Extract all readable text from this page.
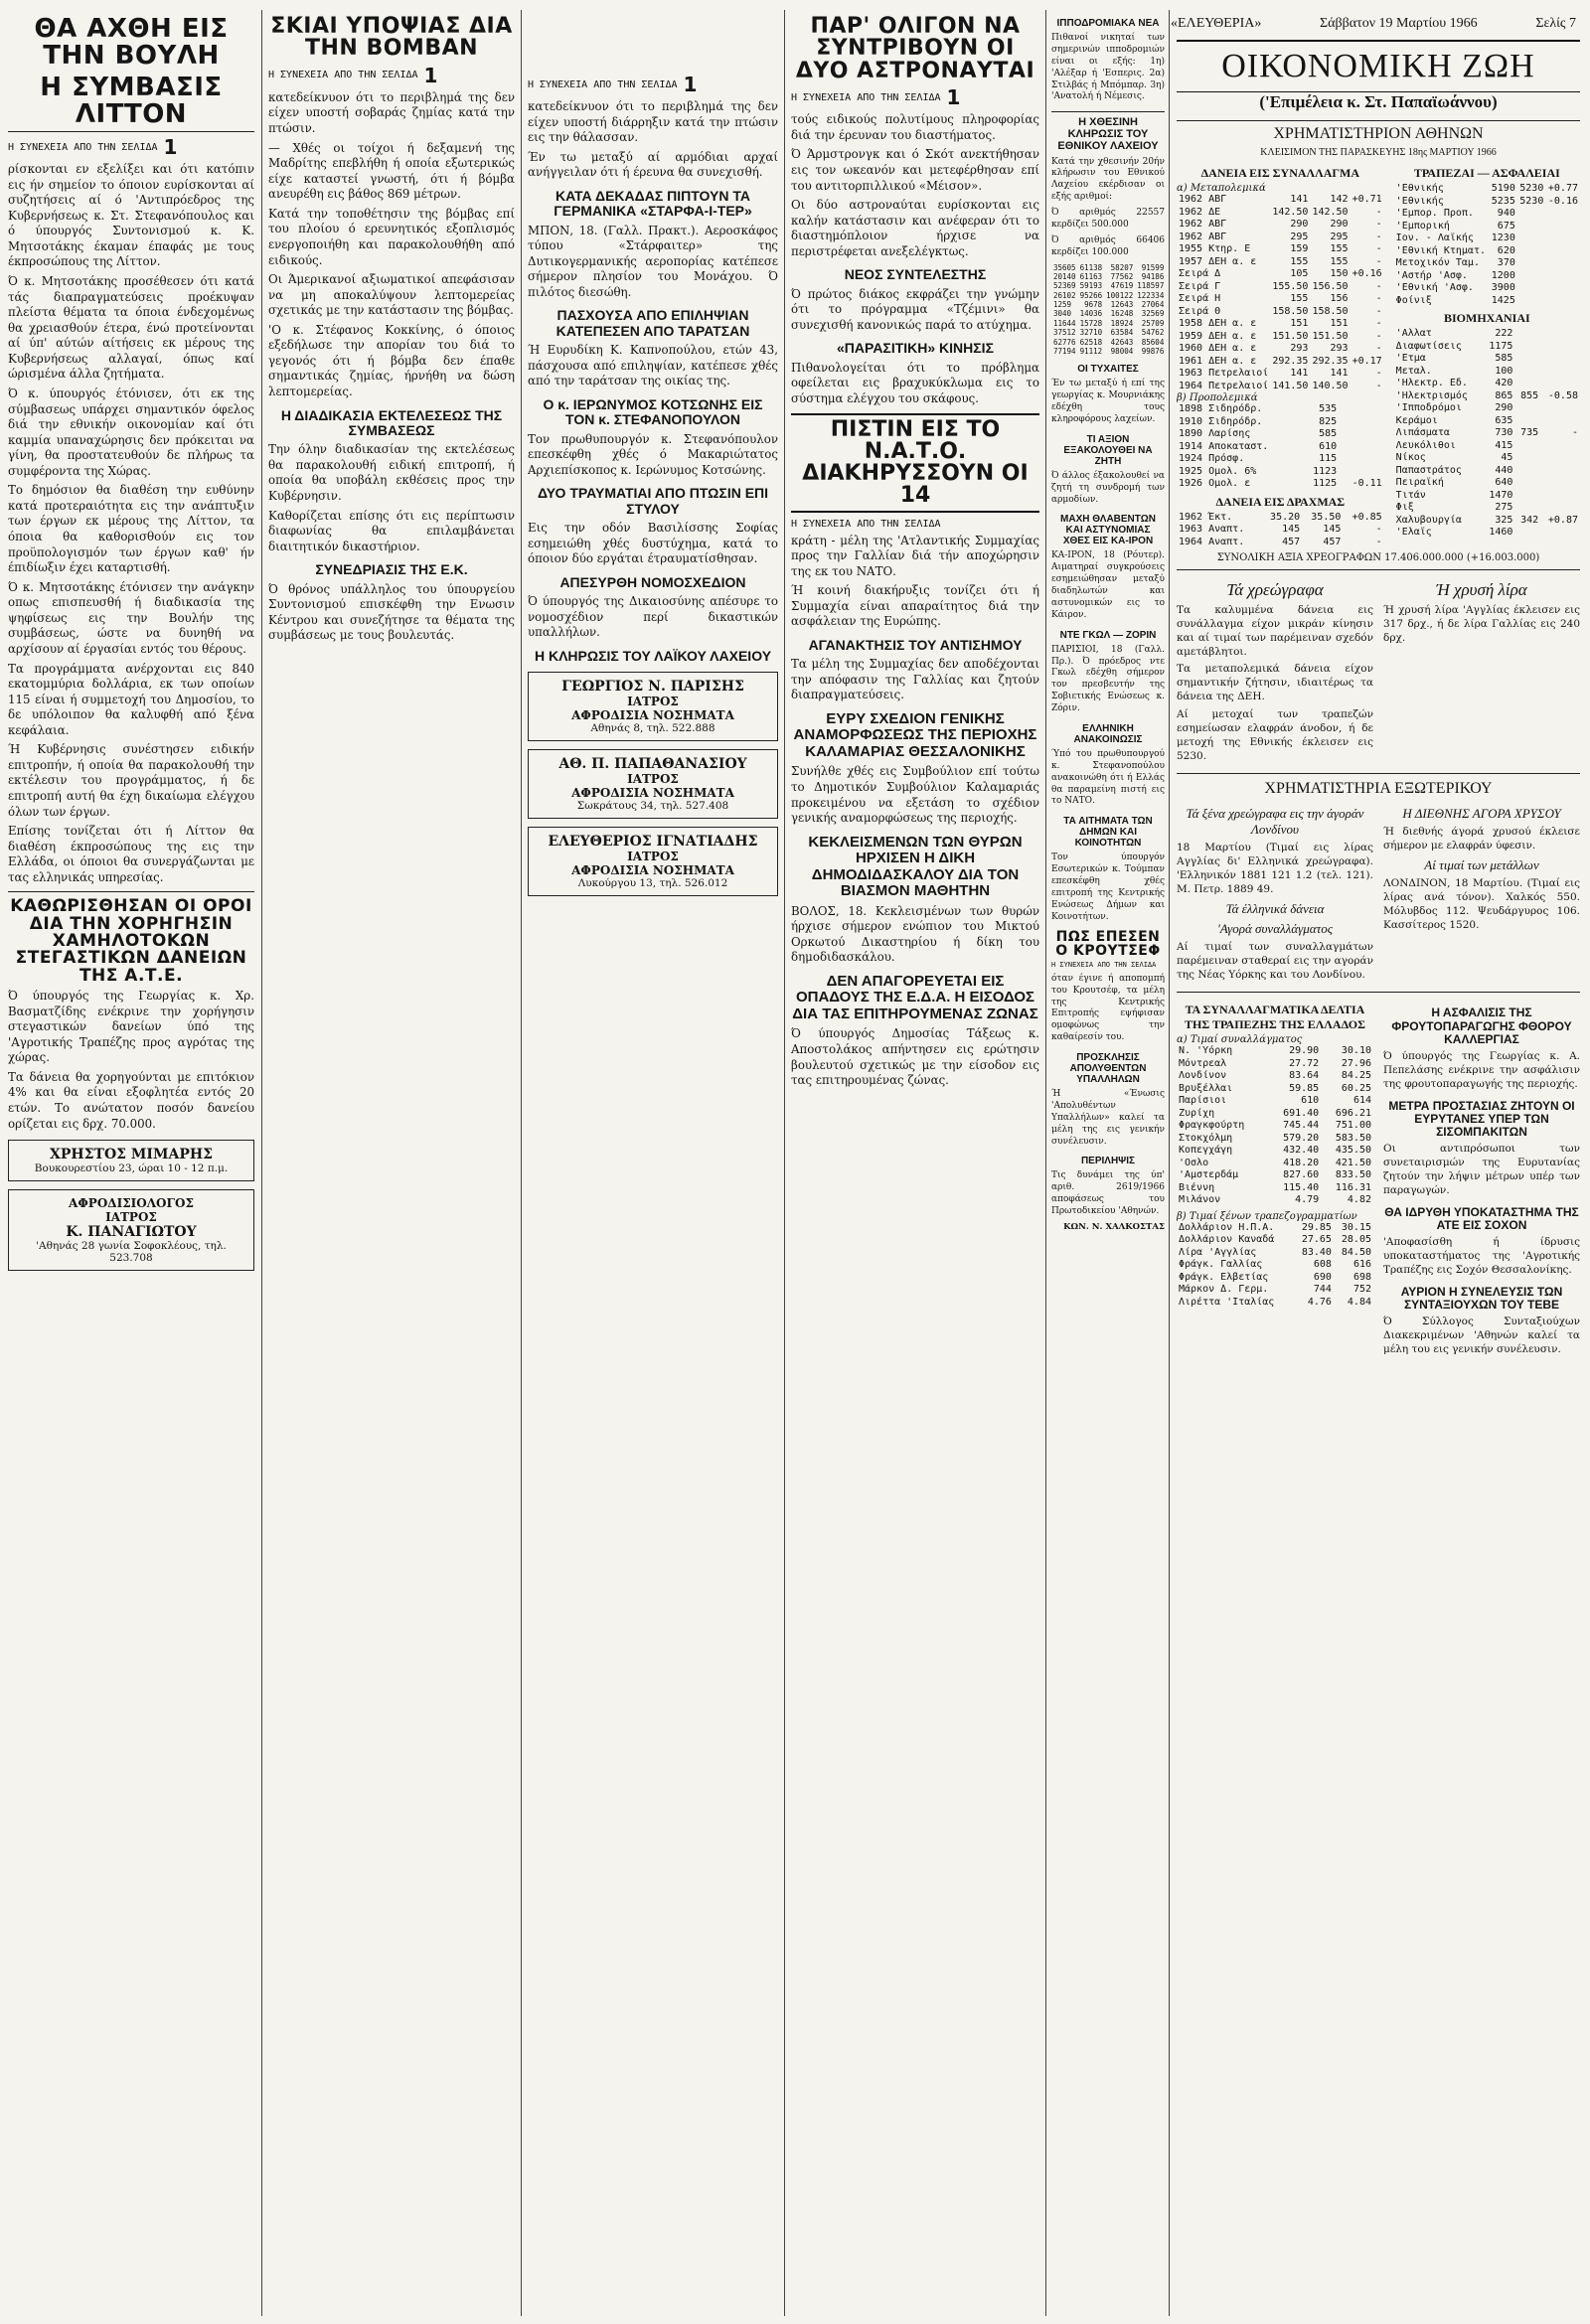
«ΕΛΕΥΘΕΡΙΑ»	Σάββατον 19 Μαρτίου 1966	Σελίς 7
ΘΑ ΑΧΘΗ ΕΙΣ ΤΗΝ ΒΟΥΛΗ
Η ΣΥΜΒΑΣΙΣ ΛΙΤΤΟΝ
Η ΣΥΝΕΧΕΙΑ ΑΠΟ ΤΗΝ ΣΕΛΙΔΑ 1

ρίσκονται εν εξελίξει και ότι κατόπιν εις ήν σημείον το όποιον ευρίσκονται αί συζητήσεις αί ό 'Αντιπρόεδρος της Κυβερνήσεως κ. Στ. Στεφανόπουλος και ό ύπουργός Συντονισμού κ. Κ. Μητσοτάκης έκαμαν έπαφάς με τους έκπροσώπους της Λίττον.

Ό κ. Μητσοτάκης προσέθεσεν ότι κατά τάς διαπραγματεύσεις προέκυψαν πλείστα θέματα τα όποια ένδεχομένως θα χρειασθούν έτερα, ένώ προτείνονται αί ύπ' αύτών αίτήσεις εκ μέρους της Κυβερνήσεως αλλαγαί, όπως καί ώρισμένα άλλα ζητήματα.

Ό κ. ύπουργός έτόνισεν, ότι εκ της σύμβασεως υπάρχει σημαντικόν όφελος διά την εθνικήν οικονομίαν καί ότι καμμία υπαναχώρησις δεν πρόκειται να γίνη, θα προστατευθούν δε πλήρως τα συμφέροντα της Χώρας.

Το δημόσιον θα διαθέση την ευθύνην κατά προτεραιότητα εις την ανάπτυξιν των έργων εκ μέρους της Λίττον, τα όποια θα καθορισθούν εις τον προϋπολογισμόν των έργων καθ' ήν έπιδίωξιν έχει καταρτισθή.

Ό κ. Μητσοτάκης έτόνισεν την ανάγκην οπως επισπευσθή ή διαδικασία της ψηφίσεως εις την Βουλήν της συμβάσεως, ώστε να δυνηθή να αρχίσουν αί έργασίαι εντός του θέρους.

Τα προγράμματα ανέρχονται εις 840 εκατομμύρια δολλάρια, εκ των οποίων 115 είναι ή συμμετοχή του Δημοσίου, το δε υπόλοιπον θα καλυφθή από ξένα κεφάλαια.

Ή Κυβέρνησις συνέστησεν ειδικήν επιτροπήν, ή οποία θα παρακολουθή την εκτέλεσιν του προγράμματος, ή δε επιτροπή αυτή θα έχη δικαίωμα ελέγχου όλων των έργων.

Επίσης τονίζεται ότι ή Λίττον θα διαθέση έκπροσώπους της εις την Ελλάδα, οι όποιοι θα συνεργάζωνται με τας ελληνικάς υπηρεσίας.

ΚΑΘΩΡΙΣΘΗΣΑΝ ΟΙ ΟΡΟΙ ΔΙΑ ΤΗΝ ΧΟΡΗΓΗΣΙΝ ΧΑΜΗΛΟΤΟΚΩΝ ΣΤΕΓΑΣΤΙΚΩΝ ΔΑΝΕΙΩΝ ΤΗΣ Α.Τ.Ε.

Ό ύπουργός της Γεωργίας κ. Χρ. Βασματζίδης ενέκρινε την χορήγησιν στεγαστικών δανείων ύπό της 'Αγροτικής Τραπέζης προς αγρότας της χώρας.

Τα δάνεια θα χορηγούνται με επιτόκιον 4% και θα είναι εξοφλητέα εντός 20 ετών. Το ανώτατον ποσόν δανείου ορίζεται εις δρχ. 70.000.

ΧΡΗΣΤΟΣ ΜΙΜΑΡΗΣ
Βουκουρεστίου 23, ώραι 10 - 12 π.μ.
ΑΦΡΟΔΙΣΙΟΛΟΓΟΣ
ΙΑΤΡΟΣ
Κ. ΠΑΝΑΓΙΩΤΟΥ
'Αθηνάς 28 γωνία Σοφοκλέους, τηλ. 523.708
ΣΚΙΑΙ ΥΠΟΨΙΑΣ ΔΙΑ ΤΗΝ ΒΟΜΒΑΝ
Η ΣΥΝΕΧΕΙΑ ΑΠΟ ΤΗΝ ΣΕΛΙΔΑ 1

κατεδείκνυον ότι το περιβλημά της δεν είχεν υποστή σοβαράς ζημίας κατά την πτώσιν.

— Χθές οι τοίχοι ή δεξαμενή της Μαδρίτης επεβλήθη ή οποία εξωτερικώς είχε καταστεί γνωστή, ότι ή βόμβα ανευρέθη εις βάθος 869 μέτρων.

Κατά την τοποθέτησιν της βόμβας επί του πλοίου ό ερευνητικός εξοπλισμός ενεργοποιήθη και παρακολουθήθη από ειδικούς.

Οι Άμερικανοί αξιωματικοί απεφάσισαν να μη αποκαλύψουν λεπτομερείας σχετικάς με την κατάστασιν της βόμβας.

'Ο κ. Στέφανος Κοκκίνης, ό όποιος εξεδήλωσε την απορίαν του διά το γεγονός ότι ή βόμβα δεν έπαθε σημαντικάς ζημίας, ήρνήθη να δώση λεπτομερείας.

Η ΔΙΑΔΙΚΑΣΙΑ ΕΚΤΕΛΕΣΕΩΣ ΤΗΣ ΣΥΜΒΑΣΕΩΣ

Την όλην διαδικασίαν της εκτελέσεως θα παρακολουθή ειδική επιτροπή, ή οποία θα υποβάλη εκθέσεις προς την Κυβέρνησιν.

Καθορίζεται επίσης ότι εις περίπτωσιν διαφωνίας θα επιλαμβάνεται διαιτητικόν δικαστήριον.

ΣΥΝΕΔΡΙΑΣΙΣ ΤΗΣ Ε.Κ.

Ό θρόνος υπάλληλος του ύπουργείου Συντονισμού επισκέφθη την Ενωσιν Κέντρου και συνεζήτησε τα θέματα της συμβάσεως με τους βουλευτάς.

Η ΣΥΝΕΧΕΙΑ ΑΠΟ ΤΗΝ ΣΕΛΙΔΑ 1

κατεδείκνυον ότι το περιβλημά της δεν είχεν υποστή διάρρηξιν κατά την πτώσιν εις την θάλασσαν.

Έν τω μεταξύ αί αρμόδιαι αρχαί ανήγγειλαν ότι ή έρευνα θα συνεχισθή.

ΚΑΤΑ ΔΕΚΑΔΑΣ ΠΙΠΤΟΥΝ ΤΑ ΓΕΡΜΑΝΙΚΑ «ΣΤΑΡΦΑ-Ι-ΤΕΡ»

ΜΠΟΝ, 18. (Γαλλ. Πρακτ.). Αεροσκάφος τύπου «Στάρφαιτερ» της Δυτικογερμανικής αεροπορίας κατέπεσε σήμερον πλησίον του Μονάχου. Ό πιλότος διεσώθη.

ΠΑΣΧΟΥΣΑ ΑΠΟ ΕΠΙΛΗΨΙΑΝ ΚΑΤΕΠΕΣΕΝ ΑΠΟ ΤΑΡΑΤΣΑΝ

Ή Ευρυδίκη Κ. Καπνοπούλου, ετών 43, πάσχουσα από επιληψίαν, κατέπεσε χθές από την ταράτσαν της οικίας της.

Ο κ. ΙΕΡΩΝΥΜΟΣ ΚΟΤΣΩΝΗΣ ΕΙΣ ΤΟΝ κ. ΣΤΕΦΑΝΟΠΟΥΛΟΝ

Τον πρωθυπουργόν κ. Στεφανόπουλον επεσκέφθη χθές ό Μακαριώτατος Αρχιεπίσκοπος κ. Ιερώνυμος Κοτσώνης.

ΔΥΟ ΤΡΑΥΜΑΤΙΑΙ ΑΠΟ ΠΤΩΣΙΝ ΕΠΙ ΣΤΥΛΟΥ

Εις την οδόν Βασιλίσσης Σοφίας εσημειώθη χθές δυστύχημα, κατά το όποιον δύο εργάται έτραυματίσθησαν.

ΑΠΕΣΥΡΘΗ ΝΟΜΟΣΧΕΔΙΟΝ

Ό ύπουργός της Δικαιοσύνης απέσυρε το νομοσχέδιον περί δικαστικών υπαλλήλων.

Η ΚΛΗΡΩΣΙΣ ΤΟΥ ΛΑΪΚΟΥ ΛΑΧΕΙΟΥ
ΓΕΩΡΓΙΟΣ Ν. ΠΑΡΙΣΗΣ
ΙΑΤΡΟΣ
ΑΦΡΟΔΙΣΙΑ ΝΟΣΗΜΑΤΑ
Αθηνάς 8, τηλ. 522.888
ΑΘ. Π. ΠΑΠΑΘΑΝΑΣΙΟΥ
ΙΑΤΡΟΣ
ΑΦΡΟΔΙΣΙΑ ΝΟΣΗΜΑΤΑ
Σωκράτους 34, τηλ. 527.408
ΕΛΕΥΘΕΡΙΟΣ ΙΓΝΑΤΙΑΔΗΣ
ΙΑΤΡΟΣ
ΑΦΡΟΔΙΣΙΑ ΝΟΣΗΜΑΤΑ
Λυκούργου 13, τηλ. 526.012
ΠΑΡ' ΟΛΙΓΟΝ ΝΑ ΣΥΝΤΡΙΒΟΥΝ ΟΙ ΔΥΟ ΑΣΤΡΟΝΑΥΤΑΙ
Η ΣΥΝΕΧΕΙΑ ΑΠΟ ΤΗΝ ΣΕΛΙΔΑ 1

τούς ειδικούς πολυτίμους πληροφορίας διά την έρευναν του διαστήματος.

Ό Άρμστρονγκ και ό Σκότ ανεκτήθησαν εις τον ωκεανόν και μετεφέρθησαν επί του αντιτορπιλλικού «Μέισον».

Οι δύο αστροναύται ευρίσκονται εις καλήν κατάστασιν και ανέφεραν ότι το διαστημόπλοιον ήρχισε να περιστρέφεται ανεξελέγκτως.

ΝΕΟΣ ΣΥΝΤΕΛΕΣΤΗΣ

Ό πρώτος διάκος εκφράζει την γνώμην ότι το πρόγραμμα «Τζέμινι» θα συνεχισθή κανονικώς παρά το ατύχημα.

«ΠΑΡΑΣΙΤΙΚΗ» ΚΙΝΗΣΙΣ

Πιθανολογείται ότι το πρόβλημα οφείλεται εις βραχυκύκλωμα εις το σύστημα ελέγχου του σκάφους.

ΠΙΣΤΙΝ ΕΙΣ ΤΟ Ν.Α.Τ.Ο. ΔΙΑΚΗΡΥΣΣΟΥΝ ΟΙ 14
Η ΣΥΝΕΧΕΙΑ ΑΠΟ ΤΗΝ ΣΕΛΙΔΑ

κράτη - μέλη της 'Ατλαντικής Συμμαχίας προς την Γαλλίαν διά τήν αποχώρησιν της εκ του ΝΑΤΟ.

Ή κοινή διακήρυξις τονίζει ότι ή Συμμαχία είναι απαραίτητος διά την ασφάλειαν της Ευρώπης.

ΑΓΑΝΑΚΤΗΣΙΣ ΤΟΥ ΑΝΤΙΣΗΜΟΥ

Τα μέλη της Συμμαχίας δεν αποδέχονται την απόφασιν της Γαλλίας και ζητούν διαπραγματεύσεις.

ΕΥΡΥ ΣΧΕΔΙΟΝ ΓΕΝΙΚΗΣ ΑΝΑΜΟΡΦΩΣΕΩΣ ΤΗΣ ΠΕΡΙΟΧΗΣ ΚΑΛΑΜΑΡΙΑΣ ΘΕΣΣΑΛΟΝΙΚΗΣ

Συνήλθε χθές εις Συμβούλιον επί τούτω το Δημοτικόν Συμβούλιον Καλαμαριάς προκειμένου να εξετάση το σχέδιον γενικής αναμορφώσεως της περιοχής.

ΚΕΚΛΕΙΣΜΕΝΩΝ ΤΩΝ ΘΥΡΩΝ ΗΡΧΙΣΕΝ Η ΔΙΚΗ ΔΗΜΟΔΙΔΑΣΚΑΛΟΥ ΔΙΑ ΤΟΝ ΒΙΑΣΜΟΝ ΜΑΘΗΤΗΝ

ΒΟΛΟΣ, 18. Κεκλεισμένων των θυρών ήρχισε σήμερον ενώπιον του Μικτού Ορκωτού Δικαστηρίου ή δίκη του δημοδιδασκάλου.

ΔΕΝ ΑΠΑΓΟΡΕΥΕΤΑΙ ΕΙΣ ΟΠΑΔΟΥΣ ΤΗΣ Ε.Δ.Α. Η ΕΙΣΟΔΟΣ ΔΙΑ ΤΑΣ ΕΠΙΤΗΡΟΥΜΕΝΑΣ ΖΩΝΑΣ

Ό ύπουργός Δημοσίας Τάξεως κ. Αποστολάκος απήντησεν εις ερώτησιν βουλευτού σχετικώς με την είσοδον εις τας επιτηρουμένας ζώνας.

ΙΠΠΟΔΡΟΜΙΑΚΑ ΝΕΑ

Πιθανοί νικηταί των σημερινών ιπποδρομιών είναι οι εξής: 1η) 'Αλέξαρ ή 'Εσπερις. 2α) Στιλβάς ή Μπόμπαρ. 3η) 'Ανατολή ή Νέμεσις.

Η ΧΘΕΣΙΝΗ ΚΛΗΡΩΣΙΣ ΤΟΥ ΕΘΝΙΚΟΥ ΛΑΧΕΙΟΥ

Κατά την χθεσινήν 20ήν κλήρωσιν του Εθνικού Λαχείου εκέρδισαν οι εξής αριθμοί:

Ό αριθμός 22557 κερδίζει 500.000

Ό αριθμός 66406 κερδίζει 100.000

35605	61138	58207	91599	
20140	61163	77562	94186	
52369	59193	47619	118597	
26102	95266	100122	122334	
1259	9678	12643	27064	
3040	14036	16248	32569	
11644	15728	18924	25709	
37512	32710	63584	54762	
62776	62518	42643	85604	
77194	91112	98004	99876	
ΟΙ ΤΥΧΑΙΤΕΣ

Έν τω μεταξύ ή επί της γεωργίας κ. Μουρνιάκης εδέχθη τους κληροφόρους λαχείων.

ΤΙ ΑΞΙΟΝ ΕΞΑΚΟΛΟΥΘΕΙ ΝΑ ΖΗΤΗ

Ό άλλος έξακολουθεί να ζητή τη συνδρομή των αρμοδίων.

ΜΑΧΗ ΘΛΑΒΕΝΤΩΝ ΚΑΙ ΑΣΤΥΝΟΜΙΑΣ ΧΘΕΣ ΕΙΣ ΚΑ-ΙΡΟΝ

ΚΑ-ΙΡΟΝ, 18 (Ρόυτερ). Αιματηραί συγκρούσεις εσημειώθησαν μεταξύ διαδηλωτών και αστυνομικών εις το Κάιρον.

ΝΤΕ ΓΚΩΛ — ΖΟΡΙΝ

ΠΑΡΙΣΙΟΙ, 18 (Γαλλ. Πρ.). Ό πρόεδρος ντε Γκωλ εδέχθη σήμερον τον πρεσβευτήν της Σοβιετικής Ενώσεως κ. Ζόριν.

ΕΛΛΗΝΙΚΗ ΑΝΑΚΟΙΝΩΣΙΣ

Ύπό του πρωθυπουργού κ. Στεφανοπούλου ανακοινώθη ότι ή Ελλάς θα παραμείνη πιστή εις το ΝΑΤΟ.

ΤΑ ΑΙΤΗΜΑΤΑ ΤΩΝ ΔΗΜΩΝ ΚΑΙ ΚΟΙΝΟΤΗΤΩΝ

Τον ύπουργόν Εσωτερικών κ. Τούμπαν επεσκέφθη χθές επιτροπή της Κεντρικής Ενώσεως Δήμων και Κοινοτήτων.

ΠΩΣ ΕΠΕΣΕΝ Ο ΚΡΟΥΤΣΕΦ
Η ΣΥΝΕΧΕΙΑ ΑΠΟ ΤΗΝ ΣΕΛΙΔΑ

όταν έγινε ή αποπομπή του Κρουτσέφ, τα μέλη της Κεντρικής Επιτροπής εψήφισαν ομοφώνως την καθαίρεσίν του.

ΠΡΟΣΚΛΗΣΙΣ ΑΠΟΛΥΘΕΝΤΩΝ ΥΠΑΛΛΗΛΩΝ

Ή «Ένωσις 'Απολυθέντων Υπαλλήλων» καλεί τα μέλη της εις γενικήν συνέλευσιν.

ΠΕΡΙΛΗΨΙΣ

Τις δυνάμει της ύπ' αριθ. 2619/1966 αποφάσεως του Πρωτοδικείου 'Αθηνών.

ΚΩΝ. Ν. ΧΑΛΚΟΣΤΑΣ

ΟΙΚΟΝΟΜΙΚΗ ΖΩΗ
('Επιμέλεια κ. Στ. Παπαϊωάννου)
ΧΡΗΜΑΤΙΣΤΗΡΙΟΝ ΑΘΗΝΩΝ
ΚΛΕΙΣΙΜΟΝ ΤΗΣ ΠΑΡΑΣΚΕΥΗΣ 18ης ΜΑΡΤΙΟΥ 1966
ΔΑΝΕΙΑ ΕΙΣ ΣΥΝΑΛΛΑΓΜΑ
α) Μεταπολεμικά
1962 ΑΒΓ	141	142	+0.71
1962 ΔΕ	142.50	142.50	-
1962 ΑΒΓ	290	290	-
1962 ΑΒΓ	295	295	-
1955 Κτηρ. Ε	159	155	-
1957 ΔΕΗ α. ε	155	155	-
Σειρά Δ	105	150	+0.16
Σειρά Γ	155.50	156.50	-
Σειρά Η	155	156	-
Σειρά Θ	158.50	158.50	-
1958 ΔΕΗ α. ε	151	151	-
1959 ΔΕΗ α. ε	151.50	151.50	-
1960 ΔΕΗ α. ε	293	293	-
1961 ΔΕΗ α. ε	292.35	292.35	+0.17
1963 Πετρελαιοί	141	141	-
1964 Πετρελαιοί	141.50	140.50	-
β) Προπολεμικά
1898 Σιδηρόδρ.	535	
1910 Σιδηρόδρ.	825	
1890 Λαρίσης	585	
1914 Αποκαταστ.	610	
1924 Πρόσφ.	115	
1925 Ομολ. 6%	1123	
1926 Ομολ. ε	1125	-0.11
ΔΑΝΕΙΑ ΕΙΣ ΔΡΑΧΜΑΣ
1962 Έκτ.	35.20	35.50	+0.85
1963 Αναπτ.	145	145	-
1964 Αναπτ.	457	457	-
ΤΡΑΠΕΖΑΙ — ΑΣΦΑΛΕΙΑΙ
'Εθνικής	5190	5230	+0.77
'Εθνικής	5235	5230	-0.16
'Εμπορ. Προπ.	940		
'Εμπορική	675		
Ιον. - Λαϊκής	1230		
'Εθνική Κτηματ.	620		
Μετοχικόν Ταμ.	370		
'Αστήρ 'Ασφ.	1200		
'Εθνική 'Ασφ.	3900		
Φοίνιξ	1425		
ΒΙΟΜΗΧΑΝΙΑΙ
'Αλλατ	222		
Διαφωτίσεις	1175		
'Ετμα	585		
Μεταλ.	100		
'Ηλεκτρ. Εδ.	420		
'Ηλεκτρισμός	865	855	-0.58
'Ιπποδρόμοι	290		
Κεράμοι	635		
Λιπάσματα	730	735	-
Λευκόλιθοι	415		
Νίκος	45		
Παπαστράτος	440		
Πειραϊκή	640		
Τιτάν	1470		
Φιξ	275		
Χαλυβουργία	325	342	+0.87
'Ελαϊς	1460		
ΣΥΝΟΛΙΚΗ ΑΞΙΑ ΧΡΕΟΓΡΑΦΩΝ 17.406.000.000 (+16.003.000)
Τά χρεώγραφα

Τα καλυμμένα δάνεια εις συνάλλαγμα είχον μικράν κίνησιν και αί τιμαί των παρέμειναν σχεδόν αμετάβλητοι.

Τα μεταπολεμικά δάνεια είχον σημαντικήν ζήτησιν, ιδιαιτέρως τα δάνεια της ΔΕΗ.

Αί μετοχαί των τραπεζών εσημείωσαν ελαφράν άνοδον, ή δε μετοχή της Εθνικής έκλεισεν εις 5230.

Ή χρυσή λίρα

Ή χρυσή λίρα 'Αγγλίας έκλεισεν εις 317 δρχ., ή δε λίρα Γαλλίας εις 240 δρχ.

ΧΡΗΜΑΤΙΣΤΗΡΙΑ ΕΞΩΤΕΡΙΚΟΥ
Τά ξένα χρεώγραφα εις την άγοράν Λονδίνου

18 Μαρτίου (Τιμαί εις λίρας Αγγλίας δι' Ελληνικά χρεώγραφα). 'Ελληνικόν 1881 121 1.2 (τελ. 121). Μ. Πετρ. 1889 49.

Τά έλληνικά δάνεια
'Αγορά συναλλάγματος

Αί τιμαί των συναλλαγμάτων παρέμειναν σταθεραί εις την αγοράν της Νέας Υόρκης και του Λονδίνου.

Η ΔΙΕΘΝΗΣ ΑΓΟΡΑ ΧΡΥΣΟΥ

Ή διεθνής άγορά χρυσού έκλεισε σήμερον με ελαφράν ύφεσιν.

Αί τιμαί των μετάλλων

ΛΟΝΔΙΝΟΝ, 18 Μαρτίου. (Τιμαί εις λίρας ανά τόνον). Χαλκός 550. Μόλυβδος 112. Ψευδάργυρος 106. Κασσίτερος 1520.

ΤΑ ΣΥΝΑΛΛΑΓΜΑΤΙΚΑ ΔΕΛΤΙΑ ΤΗΣ ΤΡΑΠΕΖΗΣ ΤΗΣ ΕΛΛΑΔΟΣ
α) Τιμαί συναλλάγματος
Ν. 'Υόρκη	29.90	30.10
Μόντρεαλ	27.72	27.96
Λονδίνον	83.64	84.25
Βρυξέλλαι	59.85	60.25
Παρίσιοι	610	614
Ζυρίχη	691.40	696.21
Φραγκφούρτη	745.44	751.00
Στοκχόλμη	579.20	583.50
Κοπεγχάγη	432.40	435.50
'Οσλο	418.20	421.50
'Αμστερδάμ	827.60	833.50
Βιέννη	115.40	116.31
Μιλάνον	4.79	4.82
β) Τιμαί ξένων τραπεζογραμματίων
Δολλάριον Η.Π.Α.	29.85	30.15
Δολλάριον Καναδά	27.65	28.05
Λίρα 'Αγγλίας	83.40	84.50
Φράγκ. Γαλλίας	608	616
Φράγκ. Ελβετίας	690	698
Μάρκον Δ. Γερμ.	744	752
Λιρέττα 'Ιταλίας	4.76	4.84
Η ΑΣΦΑΛΙΣΙΣ ΤΗΣ ΦΡΟΥΤΟΠΑΡΑΓΩΓΗΣ ΦΘΟΡΟΥ ΚΑΛΛΕΡΓΙΑΣ

Ό ύπουργός της Γεωργίας κ. Α. Πεπελάσης ενέκρινε την ασφάλισιν της φρουτοπαραγωγής της περιοχής.

ΜΕΤΡΑ ΠΡΟΣΤΑΣΙΑΣ ΖΗΤΟΥΝ ΟΙ ΕΥΡΥΤΑΝΕΣ ΥΠΕΡ ΤΩΝ ΣΙΣΟΜΠΑΚΙΤΩΝ

Οι αντιπρόσωποι των συνεταιρισμών της Ευρυτανίας ζητούν την λήψιν μέτρων υπέρ των παραγωγών.

ΘΑ ΙΔΡΥΘΗ ΥΠΟΚΑΤΑΣΤΗΜΑ ΤΗΣ ΑΤΕ ΕΙΣ ΣΟΧΟΝ

'Αποφασίσθη ή ίδρυσις υποκαταστήματος της 'Αγροτικής Τραπέζης εις Σοχόν Θεσσαλονίκης.

ΑΥΡΙΟΝ Η ΣΥΝΕΛΕΥΣΙΣ ΤΩΝ ΣΥΝΤΑΞΙΟΥΧΩΝ ΤΟΥ ΤΕΒΕ

Ό Σύλλογος Συνταξιούχων Διακεκριμένων 'Αθηνών καλεί τα μέλη του εις γενικήν συνέλευσιν.
